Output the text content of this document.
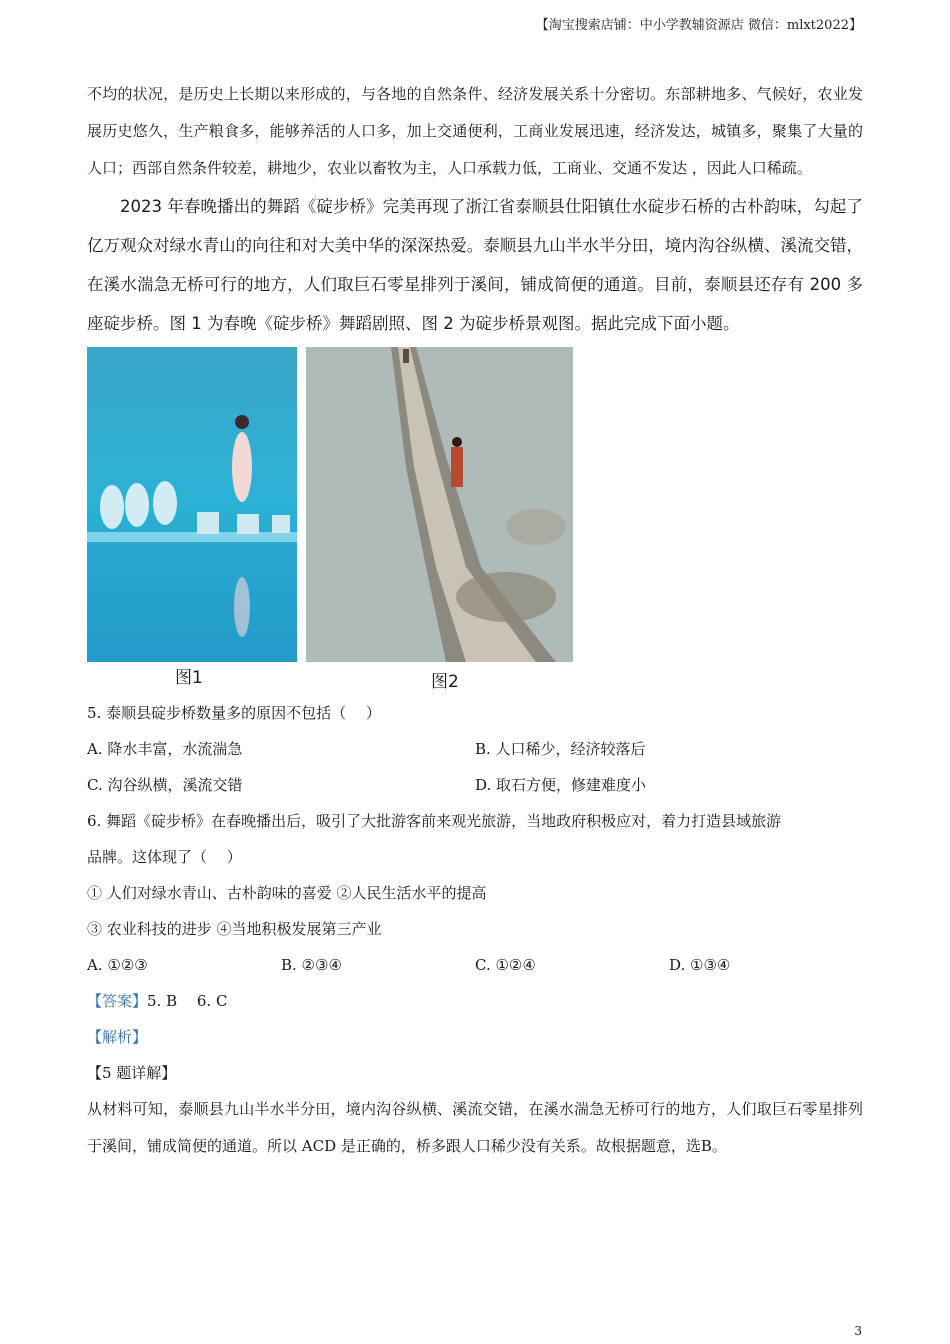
【淘宝搜索店铺：中小学教辅资源店 微信：mlxt2022】

不均的状况，是历史上长期以来形成的，与各地的自然条件、经济发展关系十分密切。东部耕地多、气候好，农业发展历史悠久，生产粮食多，能够养活的人口多，加上交通便利，工商业发展迅速，经济发达，城镇多，聚集了大量的人口；西部自然条件较差，耕地少，农业以畜牧为主，人口承载力低，工商业、交通不发达 ，因此人口稀疏。

2023 年春晚播出的舞蹈《碇步桥》完美再现了浙江省泰顺县仕阳镇仕水碇步石桥的古朴韵味，勾起了亿万观众对绿水青山的向往和对大美中华的深深热爱。泰顺县九山半水半分田，境内沟谷纵横、溪流交错，在溪水湍急无桥可行的地方，人们取巨石零星排列于溪间，铺成简便的通道。目前，泰顺县还存有 200 多座碇步桥。图 1 为春晚《碇步桥》舞蹈剧照、图 2 为碇步桥景观图。据此完成下面小题。

图1	图2

5. 泰顺县碇步桥数量多的原因不包括（　 ）

A. 降水丰富，水流湍急	B. 人口稀少，经济较落后
C. 沟谷纵横，溪流交错	D. 取石方便，修建难度小

6. 舞蹈《碇步桥》在春晚播出后，吸引了大批游客前来观光旅游，当地政府积极应对，着力打造县域旅游

品牌。这体现了（　 ）

① 人们对绿水青山、古朴韵味的喜爱 ②人民生活水平的提高

③ 农业科技的进步 ④当地积极发展第三产业

A. ①②③	B. ②③④	C. ①②④	D. ①③④

【答案】5. B　 6. C

【解析】

【5 题详解】

从材料可知，泰顺县九山半水半分田，境内沟谷纵横、溪流交错，在溪水湍急无桥可行的地方，人们取巨石零星排列于溪间，铺成简便的通道。所以 ACD 是正确的，桥多跟人口稀少没有关系。故根据题意，选B。

3
